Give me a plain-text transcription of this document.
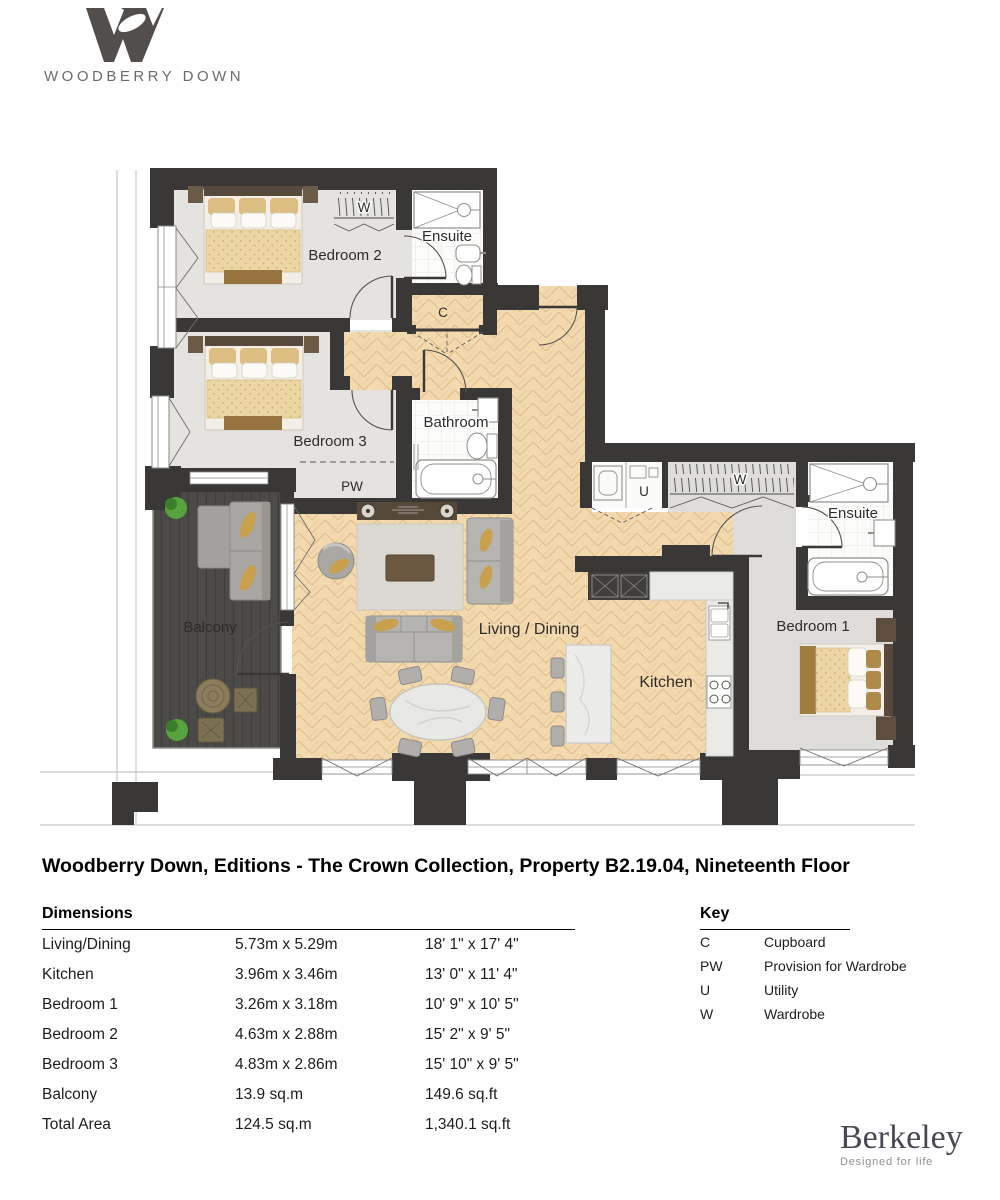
WOODBERRY DOWN
Bedroom 2
Ensuite
C
W
Bedroom 3
Bathroom
PW
Balcony	Living / Dining
Kitchen
U
W
Ensuite
Bedroom 1
Woodberry Down, Editions - The Crown Collection, Property B2.19.04, Nineteenth Floor
Dimensions
Living/Dining	5.73m x 5.29m	18' 1" x 17' 4"
Kitchen	3.96m x 3.46m	13' 0" x 11' 4"
Bedroom 1	3.26m x 3.18m	10' 9" x 10' 5"
Bedroom 2	4.63m x 2.88m	15' 2" x 9' 5"
Bedroom 3	4.83m x 2.86m	15' 10" x 9' 5"
Balcony	13.9 sq.m	149.6 sq.ft
Total Area	124.5 sq.m	1,340.1 sq.ft
Key
C	Cupboard
PW	Provision for Wardrobe
U	Utility
W	Wardrobe
Berkeley
Designed for life
